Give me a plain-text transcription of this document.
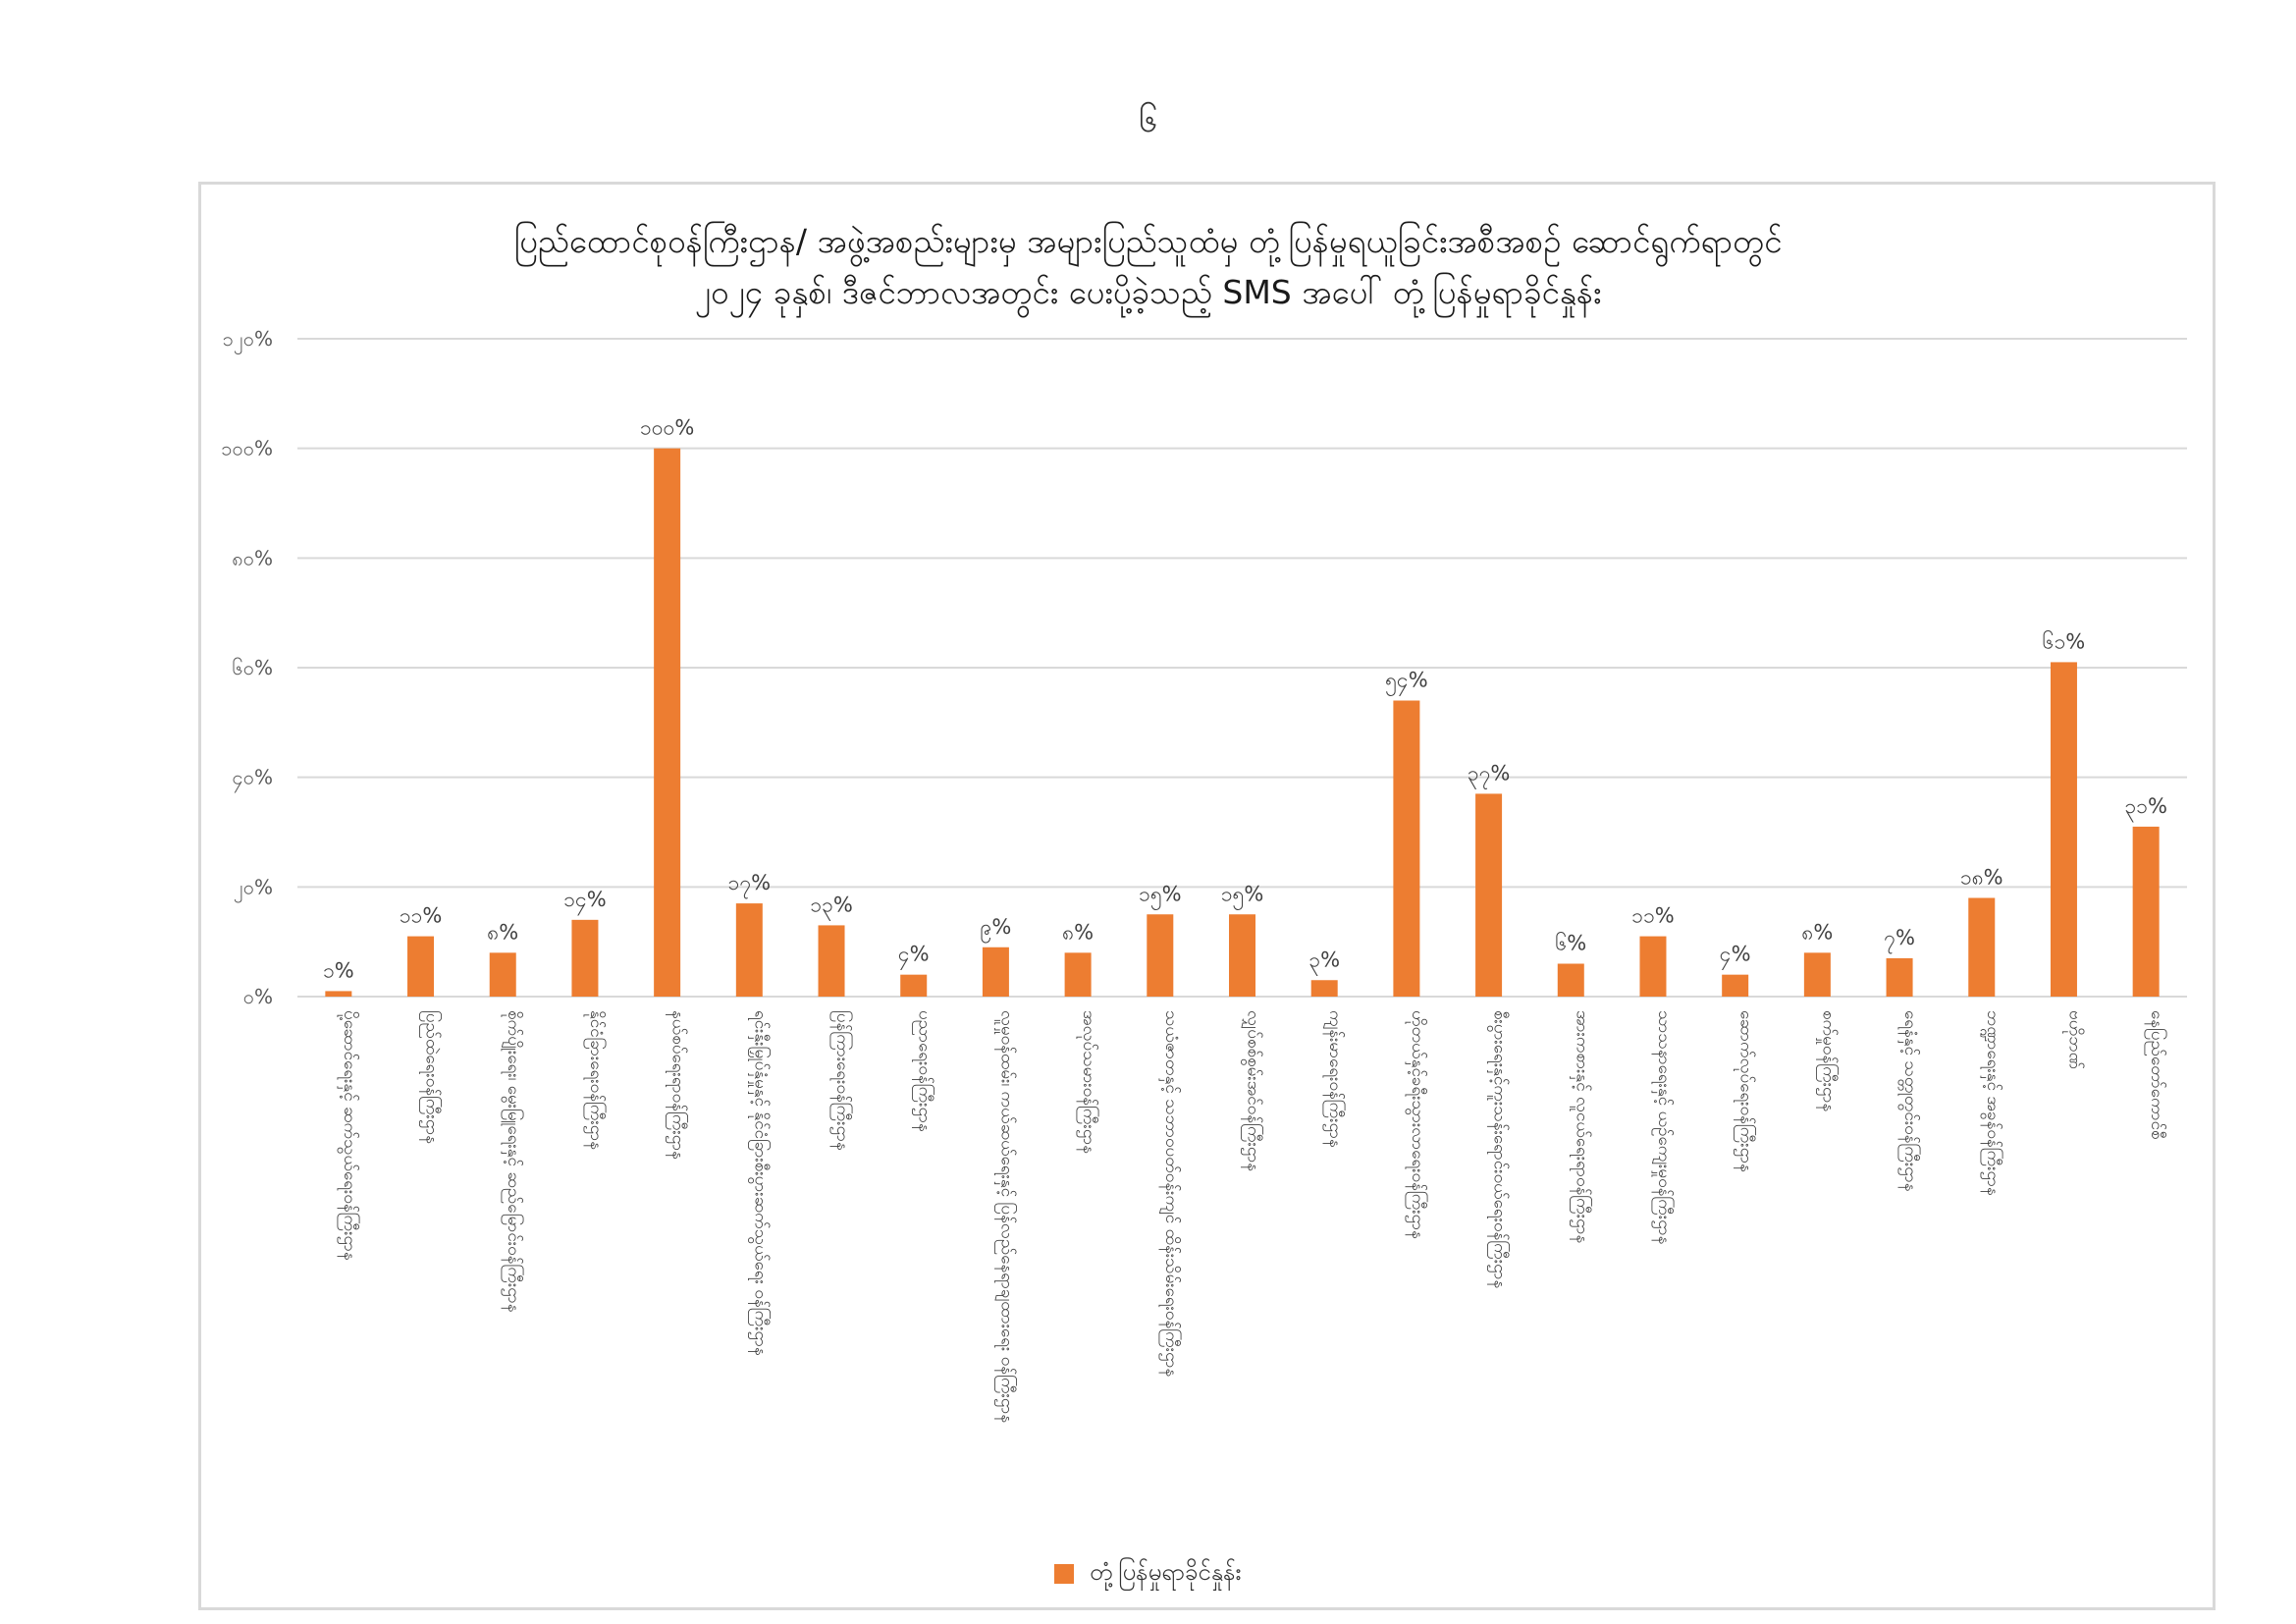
၆
ပြည်ထောင်စုဝန်ကြီးဌာန/ အဖွဲ့အစည်းများမှ အများပြည်သူထံမှ တုံ့ပြန်မှုရယူခြင်းအစီအစဉ် ဆောင်ရွက်ရာတွင်
၂၀၂၄ ခုနှစ်၊ ဒီဇင်ဘာလအတွင်း ပေးပို့ခဲ့သည့် SMS အပေါ် တုံ့ပြန်မှုရာခိုင်နှုန်း
၀%
၂၀%
၄၀%
၆၀%
၈၀%
၁၀၀%
၁၂၀%
၁%
ပို့ဆောင်ရေးနှင့် ဆက်သွယ်ရေးဝန်ကြီးဌာန
၁၁%
ပြည်ထဲရေးဝန်ကြီးဌာန
၈%
စိုက်ပျိုးရေး၊ မွေးမြူရေးနှင့် ဆည်မြောင်းဝန်ကြီးဌာန
၁၄%
နိုင်ငံခြားရေးဝန်ကြီးဌာန
၁၀၀%
နယ်စပ်ရေးရာဝန်ကြီးဌာန
၁၇%
ရင်းနှီးမြှုပ်နှံမှုနှင့် နိုင်ငံခြားစီးပွားဆက်သွယ်ရေး ဝန်ကြီးဌာန
၁၃%
ပြန်ကြားရေးဝန်ကြီးဌာန
၄%
ပညာရေးဝန်ကြီးဌာန
၉%
လူမှုဝန်ထမ်း၊ ကယ်ဆယ်ရေးနှင့် ပြန်လည်နေရာချထားရေး ဝန်ကြီးဌာန
၈%
အလုပ်သမားဝန်ကြီးဌာန
၁၅%
သယံဇာတနှင့် သဘာဝပတ်ဝန်းကျင် ထိန်းသိမ်းရေးဝန်ကြီးဌာန
၁၅%
လျှပ်စစ်စွမ်းအင်ဝန်ကြီးဌာန
၃%
ကျန်းမာရေးဝန်ကြီးဌာန
၅၄%
ဟိုတယ်နှင့်ခရီးသွားလာရေးဝန်ကြီးဌာန
၃၇%
စီးပွားရေးနှင့်ကူးသန်းရောင်းဝယ်ရေးဝန်ကြီးဌာန
၆%
အားကစားနှင့် လူငယ်ရေးရာဝန်ကြီးဌာန
၁၁%
သာသနာရေးနှင့် ယဉ်ကျေးမှုဝန်ကြီးဌာန
၄%
ဆောက်လုပ်ရေးဝန်ကြီးဌာန
၈%
စက်မှုဝန်ကြီးဌာန
၇%
ရေနံနှင့် သတ္တုတွင်းဝန်ကြီးဌာန
၁၈%
ဘဏ္ဍာရေးနှင့် အခွန်ဝန်ကြီးဌာန
၆၁%
ဗဟိုဘဏ်
၃၁%
နေပြည်တော်ကောင်စီ
တုံ့ပြန်မှုရာခိုင်နှုန်း
